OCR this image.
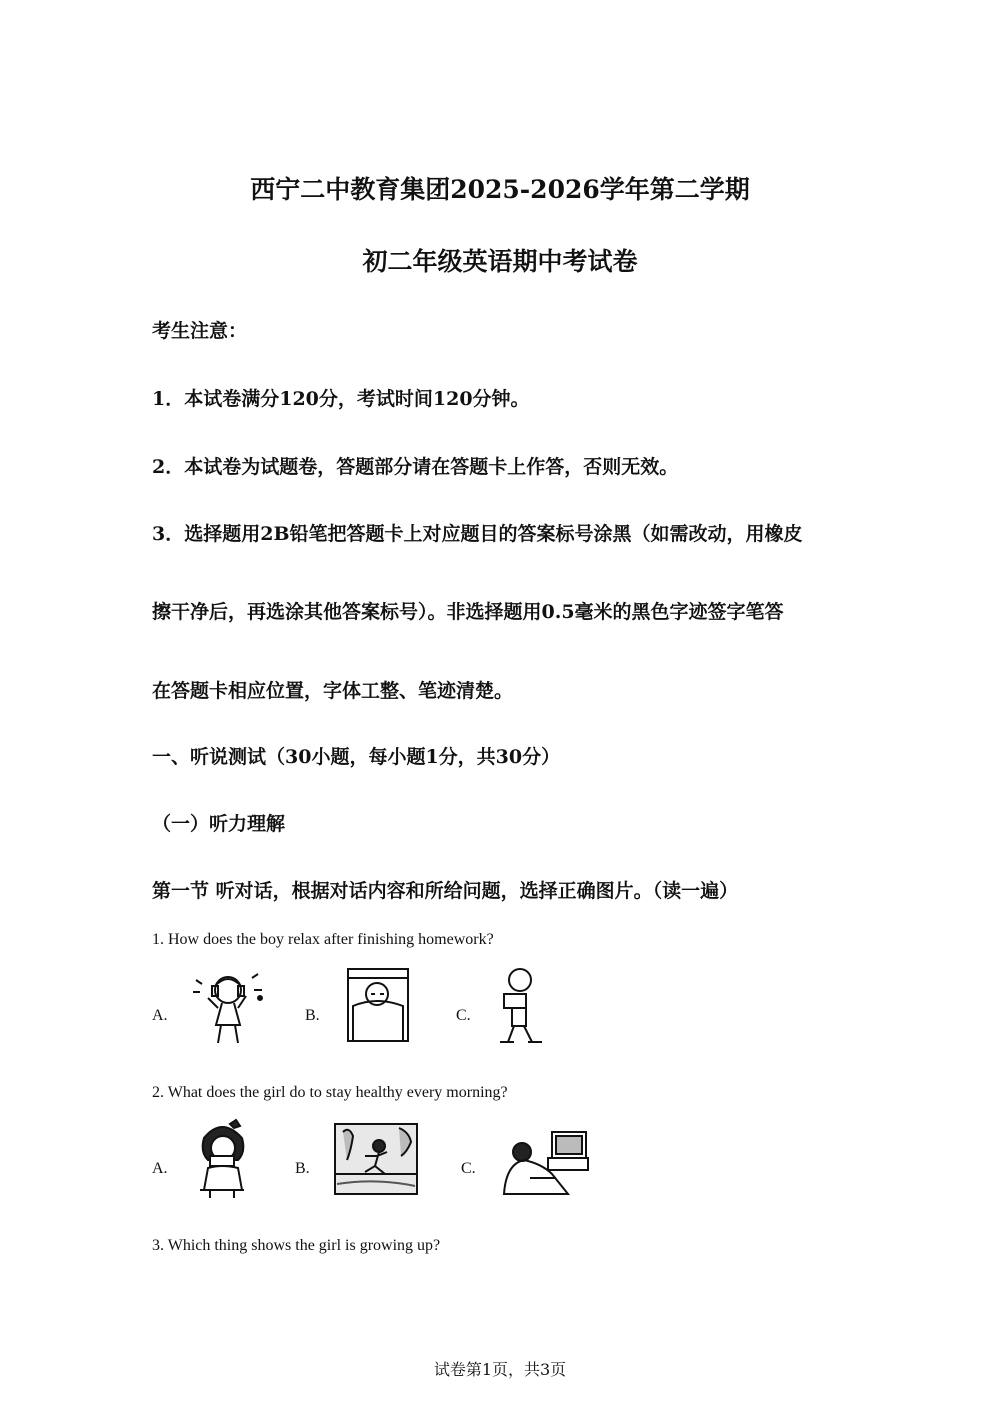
西宁二中教育集团2025-2026学年第二学期
初二年级英语期中考试卷
考生注意：
1．本试卷满分120分，考试时间120分钟。
2．本试卷为试题卷，答题部分请在答题卡上作答，否则无效。
3．选择题用2B铅笔把答题卡上对应题目的答案标号涂黑（如需改动，用橡皮
擦干净后，再选涂其他答案标号）。非选择题用0.5毫米的黑色字迹签字笔答
在答题卡相应位置，字体工整、笔迹清楚。
一、听说测试（30小题，每小题1分，共30分）
（一）听力理解
第一节 听对话，根据对话内容和所给问题，选择正确图片。（读一遍）
1. How does the boy relax after finishing homework?
A.	B.	C.
2. What does the girl do to stay healthy every morning?
A.	B.	C.
3. Which thing shows the girl is growing up?
试卷第1页，共3页
